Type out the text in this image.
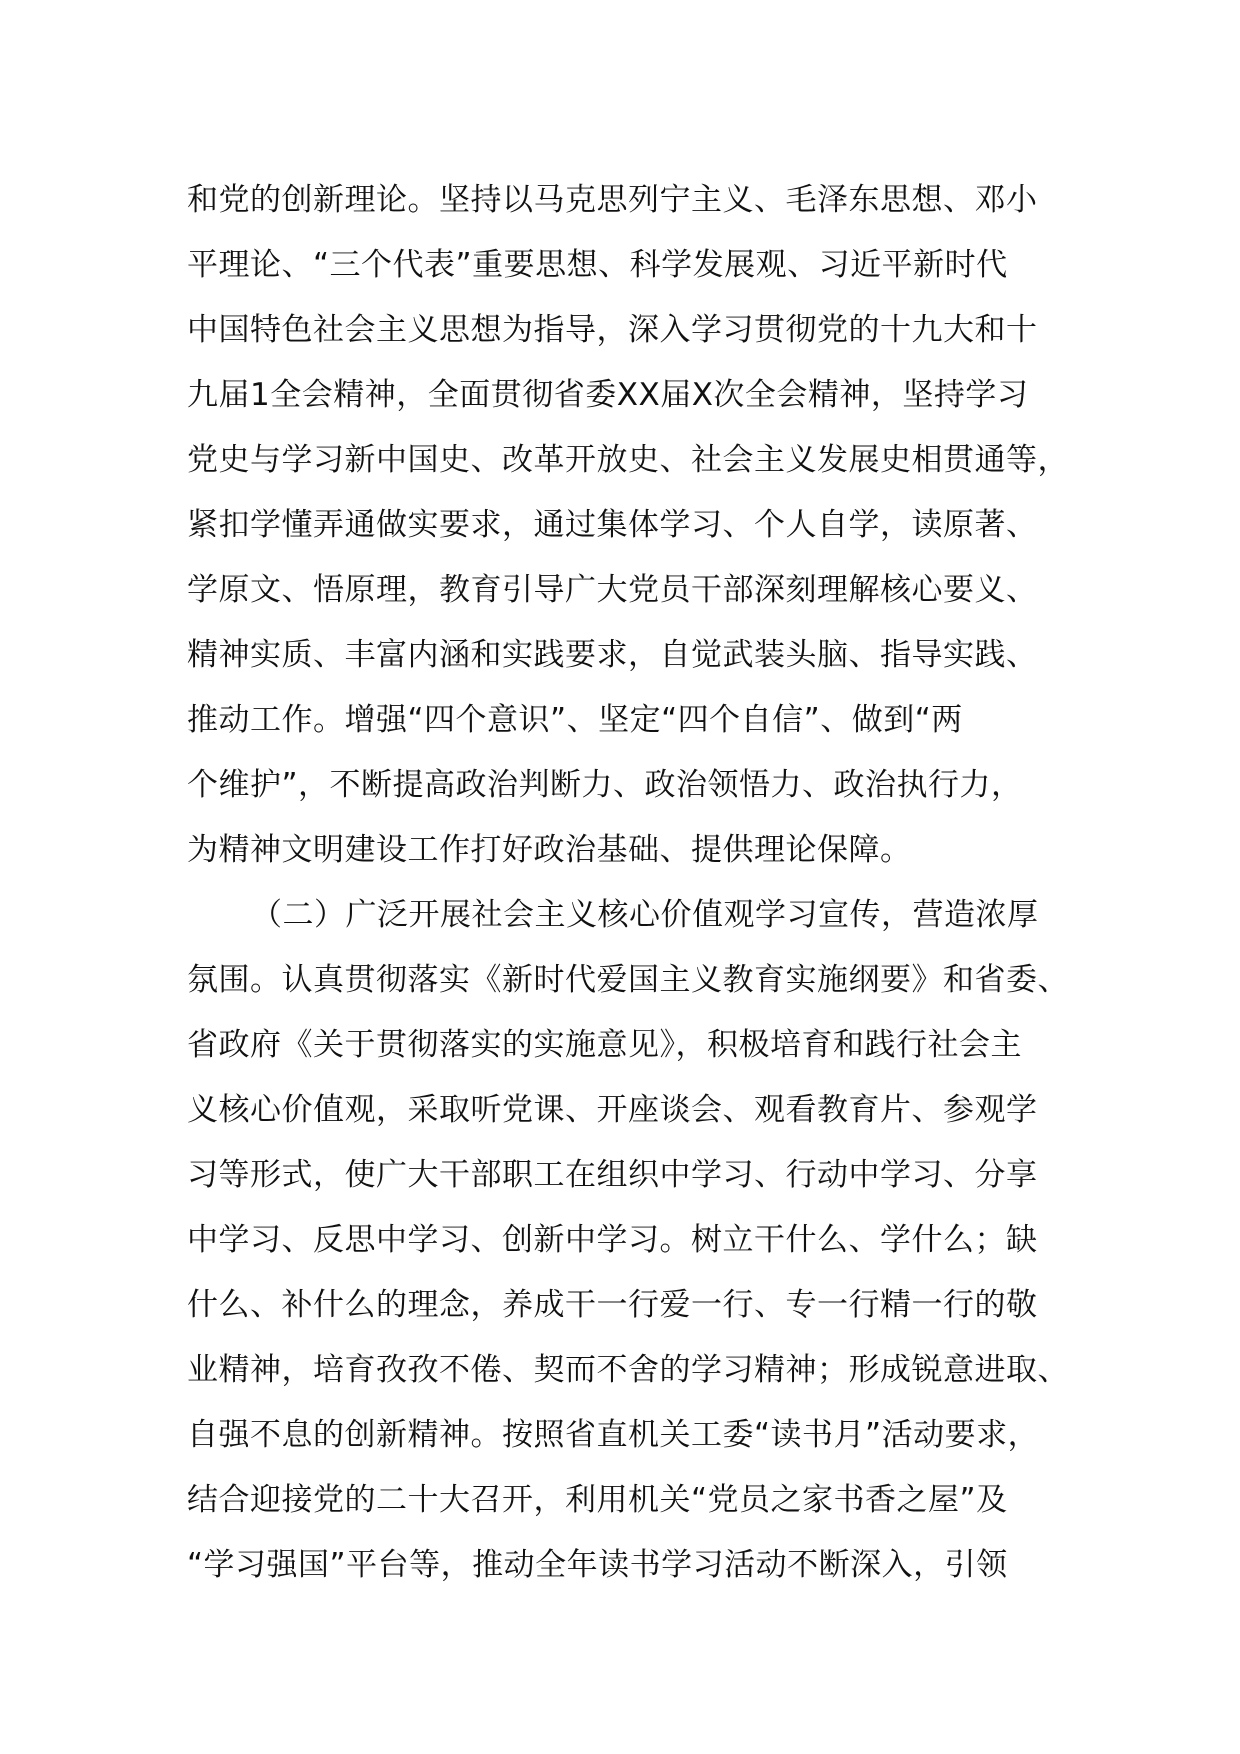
和党的创新理论。坚持以马克思列宁主义、毛泽东思想、邓小
平理论、“三个代表”重要思想、科学发展观、习近平新时代
中国特色社会主义思想为指导，深入学习贯彻党的十九大和十
九届1全会精神，全面贯彻省委XX届X次全会精神，坚持学习
党史与学习新中国史、改革开放史、社会主义发展史相贯通等，
紧扣学懂弄通做实要求，通过集体学习、个人自学，读原著、
学原文、悟原理，教育引导广大党员干部深刻理解核心要义、
精神实质、丰富内涵和实践要求，自觉武装头脑、指导实践、
推动工作。增强“四个意识”、坚定“四个自信”、做到“两
个维护”，不断提高政治判断力、政治领悟力、政治执行力，
为精神文明建设工作打好政治基础、提供理论保障。
（二）广泛开展社会主义核心价值观学习宣传，营造浓厚
氛围。认真贯彻落实《新时代爱国主义教育实施纲要》和省委、
省政府《关于贯彻落实的实施意见》，积极培育和践行社会主
义核心价值观，采取听党课、开座谈会、观看教育片、参观学
习等形式，使广大干部职工在组织中学习、行动中学习、分享
中学习、反思中学习、创新中学习。树立干什么、学什么；缺
什么、补什么的理念，养成干一行爱一行、专一行精一行的敬
业精神，培育孜孜不倦、契而不舍的学习精神；形成锐意进取、
自强不息的创新精神。按照省直机关工委“读书月”活动要求，
结合迎接党的二十大召开，利用机关“党员之家书香之屋”及
“学习强国”平台等，推动全年读书学习活动不断深入，引领
